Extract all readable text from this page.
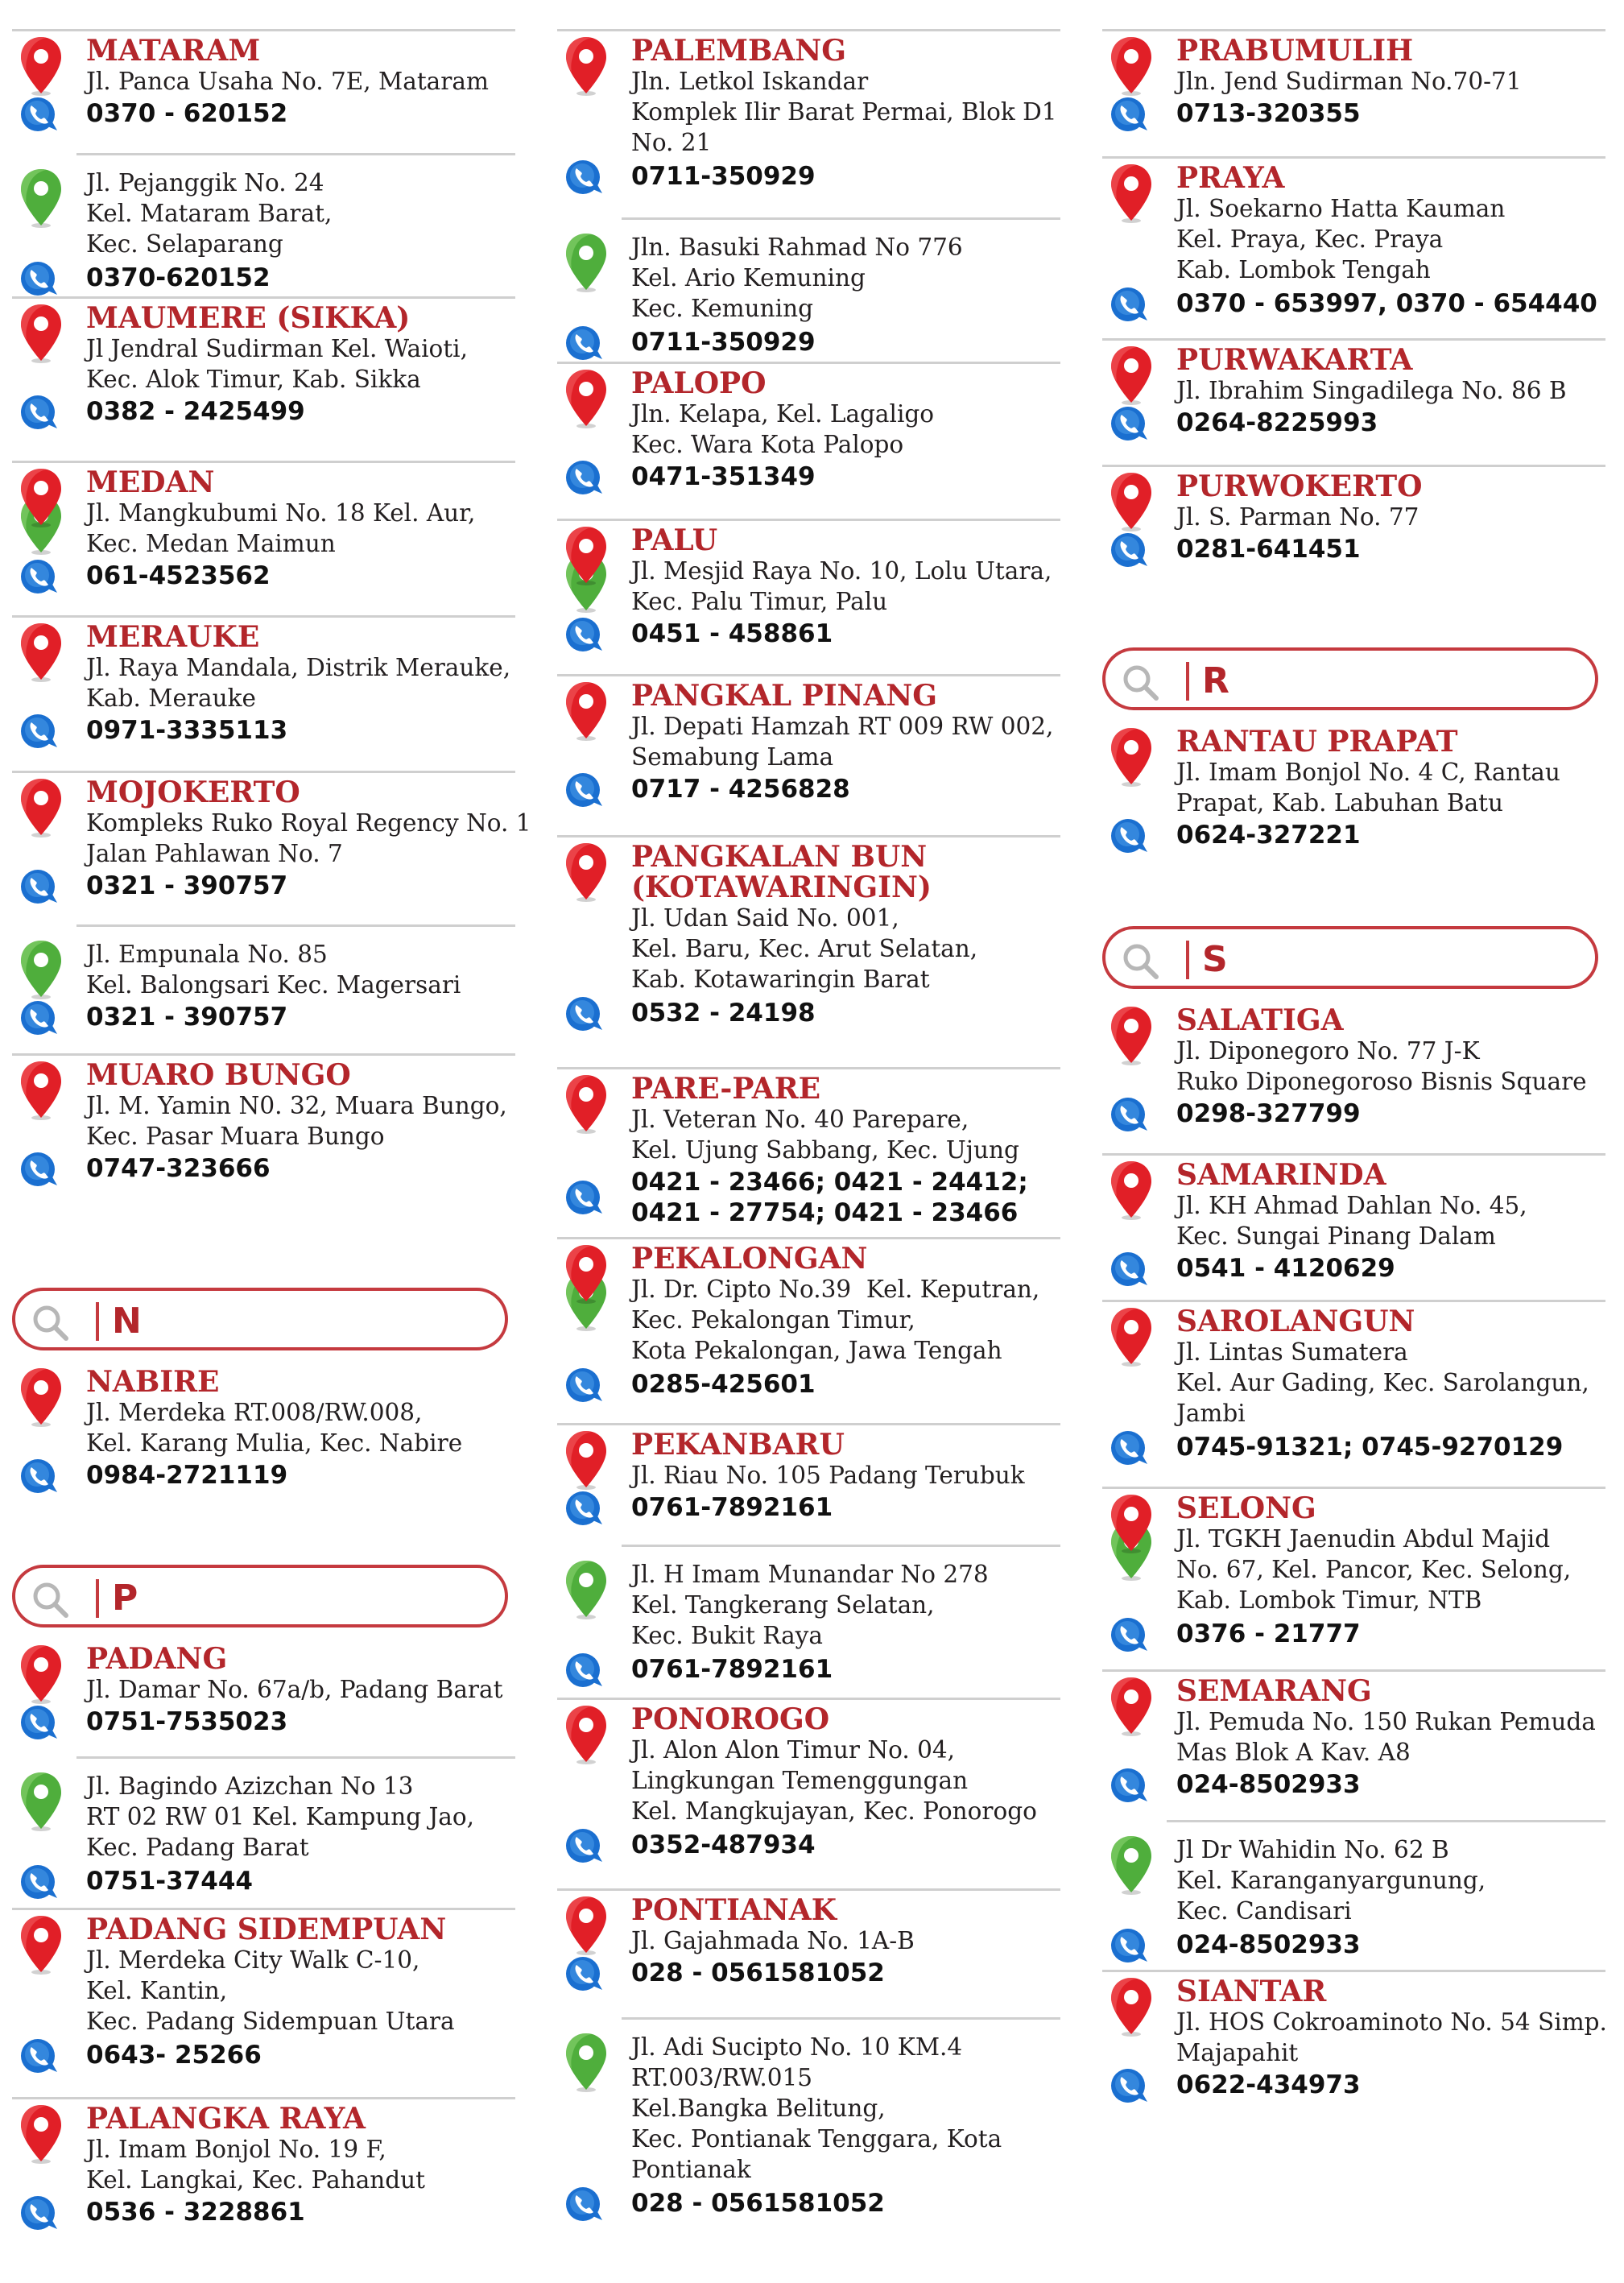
MATARAM
Jl. Panca Usaha No. 7E, Mataram
0370 - 620152
Jl. Pejanggik No. 24
Kel. Mataram Barat,
Kec. Selaparang
0370-620152
MAUMERE (SIKKA)
Jl Jendral Sudirman Kel. Waioti,
Kec. Alok Timur, Kab. Sikka
0382 - 2425499
MEDAN
Jl. Mangkubumi No. 18 Kel. Aur,
Kec. Medan Maimun
061-4523562
MERAUKE
Jl. Raya Mandala, Distrik Merauke,
Kab. Merauke
0971-3335113
MOJOKERTO
Kompleks Ruko Royal Regency No. 1
Jalan Pahlawan No. 7
0321 - 390757
Jl. Empunala No. 85
Kel. Balongsari Kec. Magersari
0321 - 390757
MUARO BUNGO
Jl. M. Yamin N0. 32, Muara Bungo,
Kec. Pasar Muara Bungo
0747-323666
N
NABIRE
Jl. Merdeka RT.008/RW.008,
Kel. Karang Mulia, Kec. Nabire
0984-2721119
P
PADANG
Jl. Damar No. 67a/b, Padang Barat
0751-7535023
Jl. Bagindo Azizchan No 13
RT 02 RW 01 Kel. Kampung Jao,
Kec. Padang Barat
0751-37444
PADANG SIDEMPUAN
Jl. Merdeka City Walk C-10,
Kel. Kantin,
Kec. Padang Sidempuan Utara
0643- 25266
PALANGKA RAYA
Jl. Imam Bonjol No. 19 F,
Kel. Langkai, Kec. Pahandut
0536 - 3228861
PALEMBANG
Jln. Letkol Iskandar
Komplek Ilir Barat Permai, Blok D1
No. 21
0711-350929
Jln. Basuki Rahmad No 776
Kel. Ario Kemuning
Kec. Kemuning
0711-350929
PALOPO
Jln. Kelapa, Kel. Lagaligo
Kec. Wara Kota Palopo
0471-351349
PALU
Jl. Mesjid Raya No. 10, Lolu Utara,
Kec. Palu Timur, Palu
0451 - 458861
PANGKAL PINANG
Jl. Depati Hamzah RT 009 RW 002,
Semabung Lama
0717 - 4256828
PANGKALAN BUN
(KOTAWARINGIN)
Jl. Udan Said No. 001,
Kel. Baru, Kec. Arut Selatan,
Kab. Kotawaringin Barat
0532 - 24198
PARE-PARE
Jl. Veteran No. 40 Parepare,
Kel. Ujung Sabbang, Kec. Ujung
0421 - 23466; 0421 - 24412;
0421 - 27754; 0421 - 23466
PEKALONGAN
Jl. Dr. Cipto No.39  Kel. Keputran,
Kec. Pekalongan Timur,
Kota Pekalongan, Jawa Tengah
0285-425601
PEKANBARU
Jl. Riau No. 105 Padang Terubuk
0761-7892161
Jl. H Imam Munandar No 278
Kel. Tangkerang Selatan,
Kec. Bukit Raya
0761-7892161
PONOROGO
Jl. Alon Alon Timur No. 04,
Lingkungan Temenggungan
Kel. Mangkujayan, Kec. Ponorogo
0352-487934
PONTIANAK
Jl. Gajahmada No. 1A-B
028 - 0561581052
Jl. Adi Sucipto No. 10 KM.4
RT.003/RW.015
Kel.Bangka Belitung,
Kec. Pontianak Tenggara, Kota
Pontianak
028 - 0561581052
PRABUMULIH
Jln. Jend Sudirman No.70-71
0713-320355
PRAYA
Jl. Soekarno Hatta Kauman
Kel. Praya, Kec. Praya
Kab. Lombok Tengah
0370 - 653997, 0370 - 654440
PURWAKARTA
Jl. Ibrahim Singadilega No. 86 B
0264-8225993
PURWOKERTO
Jl. S. Parman No. 77
0281-641451
R
RANTAU PRAPAT
Jl. Imam Bonjol No. 4 C, Rantau
Prapat, Kab. Labuhan Batu
0624-327221
S
SALATIGA
Jl. Diponegoro No. 77 J-K
Ruko Diponegoroso Bisnis Square
0298-327799
SAMARINDA
Jl. KH Ahmad Dahlan No. 45,
Kec. Sungai Pinang Dalam
0541 - 4120629
SAROLANGUN
Jl. Lintas Sumatera
Kel. Aur Gading, Kec. Sarolangun,
Jambi
0745-91321; 0745-9270129
SELONG
Jl. TGKH Jaenudin Abdul Majid
No. 67, Kel. Pancor, Kec. Selong,
Kab. Lombok Timur, NTB
0376 - 21777
SEMARANG
Jl. Pemuda No. 150 Rukan Pemuda
Mas Blok A Kav. A8
024-8502933
Jl Dr Wahidin No. 62 B
Kel. Karanganyargunung,
Kec. Candisari
024-8502933
SIANTAR
Jl. HOS Cokroaminoto No. 54 Simp.
Majapahit
0622-434973
